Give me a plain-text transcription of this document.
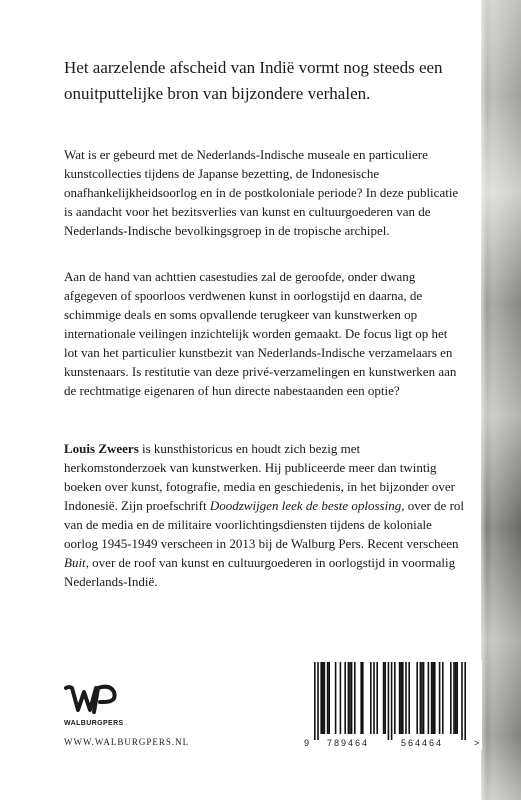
Het aarzelende afscheid van Indië vormt nog steeds een onuitputtelijke bron van bijzondere verhalen.

Wat is er gebeurd met de Nederlands-Indische museale en particuliere kunstcollecties tijdens de Japanse bezetting, de Indonesische onafhankelijkheidsoorlog en in de postkoloniale periode? In deze publicatie is aandacht voor het bezitsverlies van kunst en cultuurgoederen van de Nederlands-Indische bevolkingsgroep in de tropische archipel.

Aan de hand van achttien casestudies zal de geroofde, onder dwang afgegeven of spoorloos verdwenen kunst in oorlogstijd en daarna, de schimmige deals en soms opvallende terugkeer van kunstwerken op internationale veilingen inzichtelijk worden gemaakt. De focus ligt op het lot van het particulier kunstbezit van Nederlands-Indische verzamelaars en kunstenaars. Is restitutie van deze privé-verzamelingen en kunstwerken aan de rechtmatige eigenaren of hun directe nabestaanden een optie?

Louis Zweers is kunsthistoricus en houdt zich bezig met herkomstonderzoek van kunstwerken. Hij publiceerde meer dan twintig boeken over kunst, fotografie, media en geschiedenis, in het bijzonder over Indonesië. Zijn proefschrift Doodzwijgen leek de beste oplossing, over de rol van de media en de militaire voorlichtingsdiensten tijdens de koloniale oorlog 1945-1949 verscheen in 2013 bij de Walburg Pers. Recent verscheen Buit, over de roof van kunst en cultuurgoederen in oorlogstijd in voormalig Nederlands-Indië.

WALBURGPERS
WWW.WALBURGPERS.NL	9 789464	564464	>
